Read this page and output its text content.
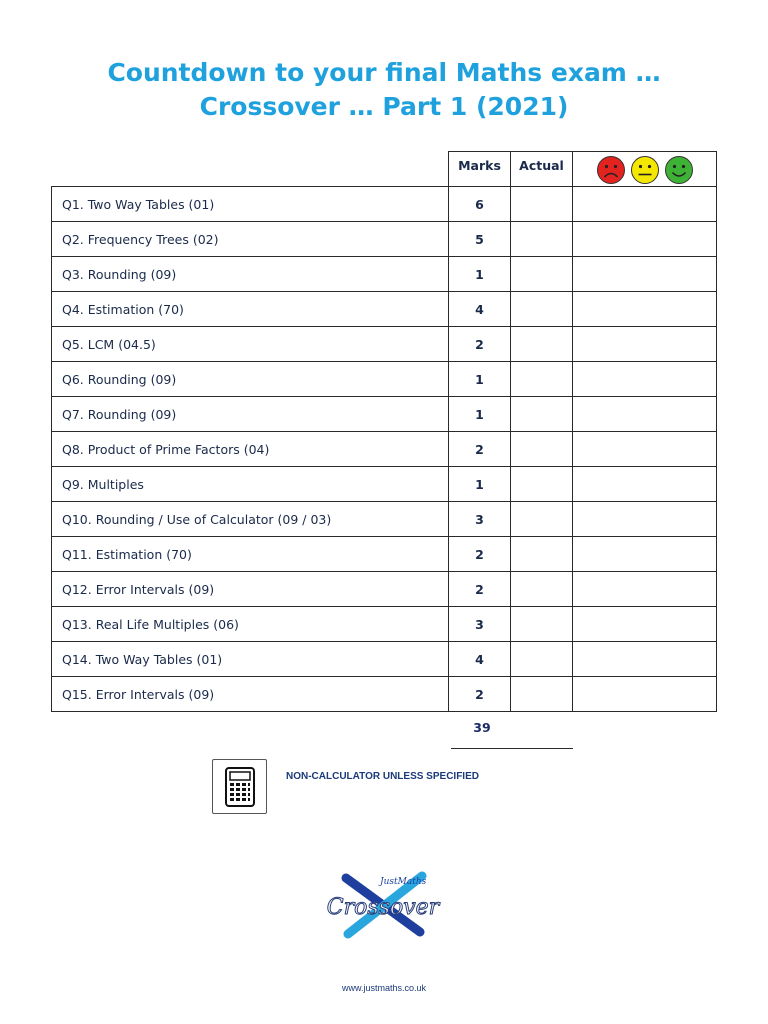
Countdown to your final Maths exam …
Crossover … Part 1 (2021)
	Marks	Actual	

Q1. Two Way Tables (01)	6		
Q2. Frequency Trees (02)	5		
Q3. Rounding (09)	1		
Q4. Estimation (70)	4		
Q5. LCM (04.5)	2		
Q6. Rounding (09)	1		
Q7. Rounding (09)	1		
Q8. Product of Prime Factors (04)	2		
Q9. Multiples	1		
Q10. Rounding / Use of Calculator (09 / 03)	3		
Q11. Estimation (70)	2		
Q12. Error Intervals (09)	2		
Q13. Real Life Multiples (06)	3		
Q14. Two Way Tables (01)	4		
Q15. Error Intervals (09)	2		
39
NON-CALCULATOR UNLESS SPECIFIED
JustMaths
Crossover
www.justmaths.co.uk
